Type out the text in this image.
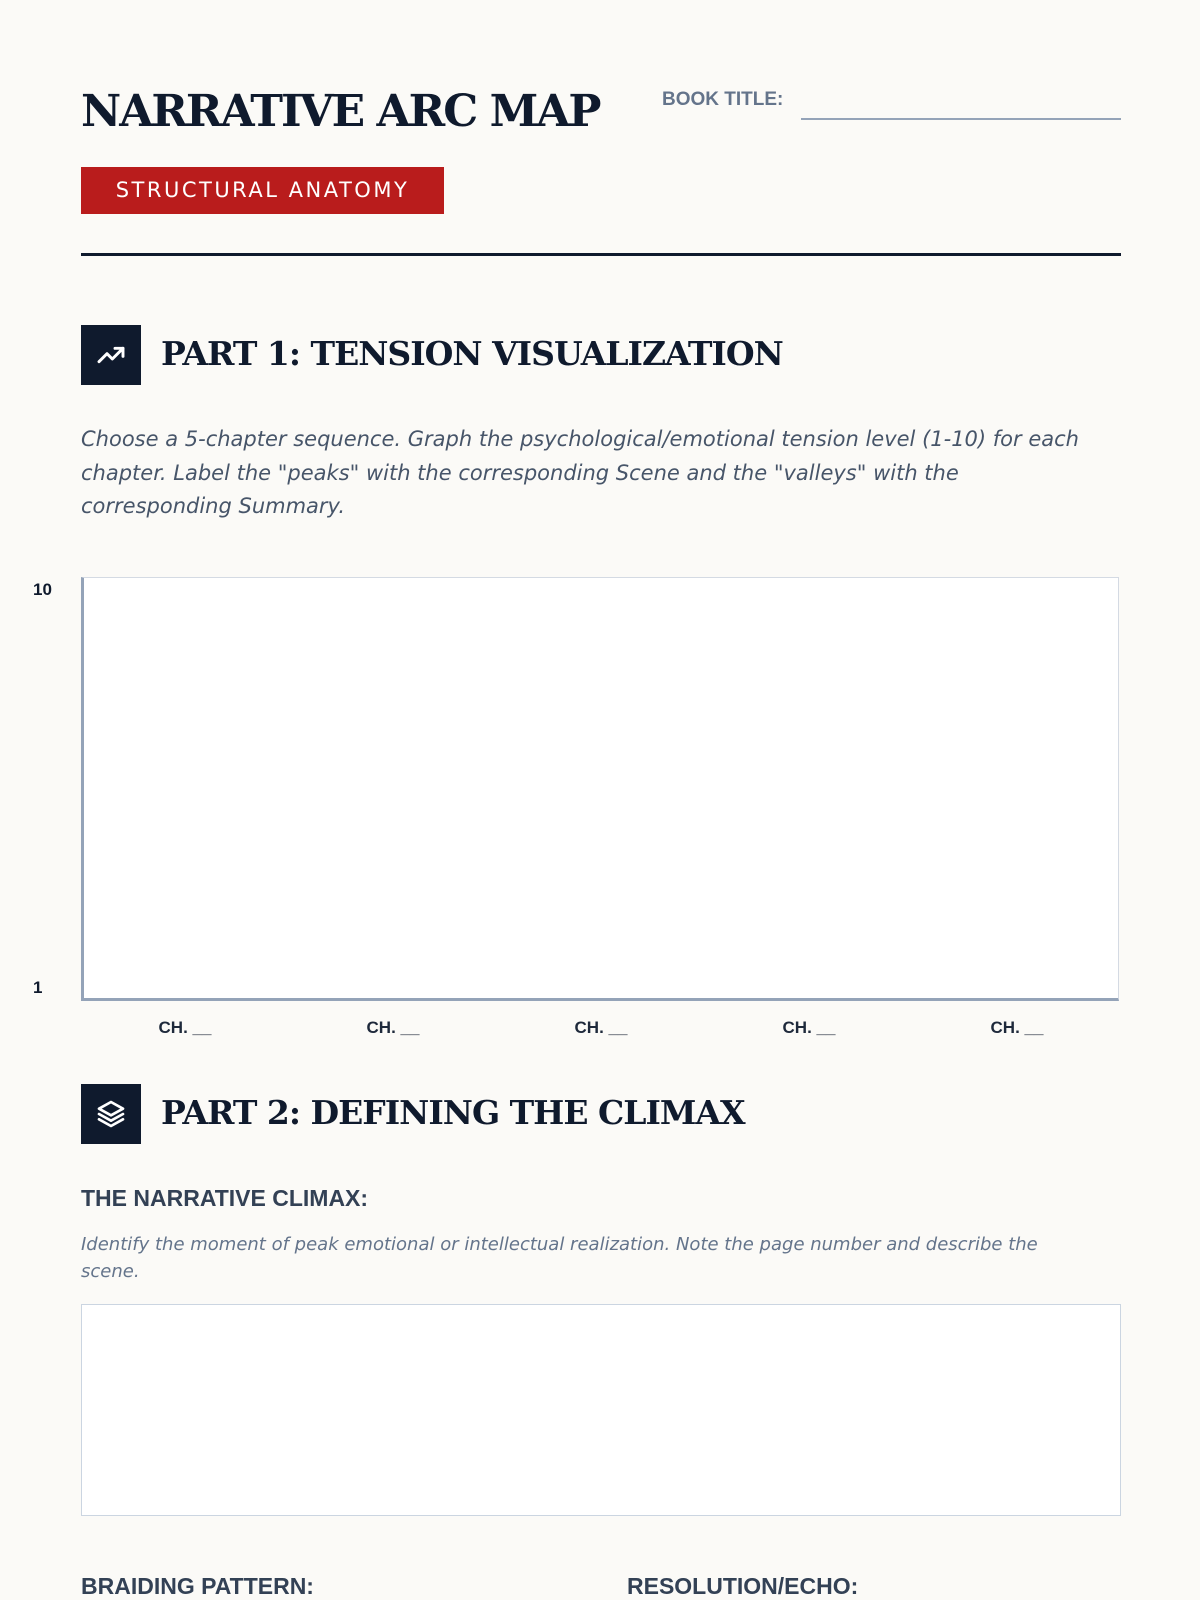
NARRATIVE ARC MAP	BOOK TITLE:
STRUCTURAL ANATOMY
PART 1: TENSION VISUALIZATION

Choose a 5-chapter sequence. Graph the psychological/emotional tension level (1-10) for each chapter. Label the "peaks" with the corresponding Scene and the "valleys" with the corresponding Summary.

10
1
CH. __	CH. __	CH. __	CH. __	CH. __
PART 2: DEFINING THE CLIMAX
THE NARRATIVE CLIMAX:

Identify the moment of peak emotional or intellectual realization. Note the page number and describe the scene.

BRAIDING PATTERN:	RESOLUTION/ECHO:
